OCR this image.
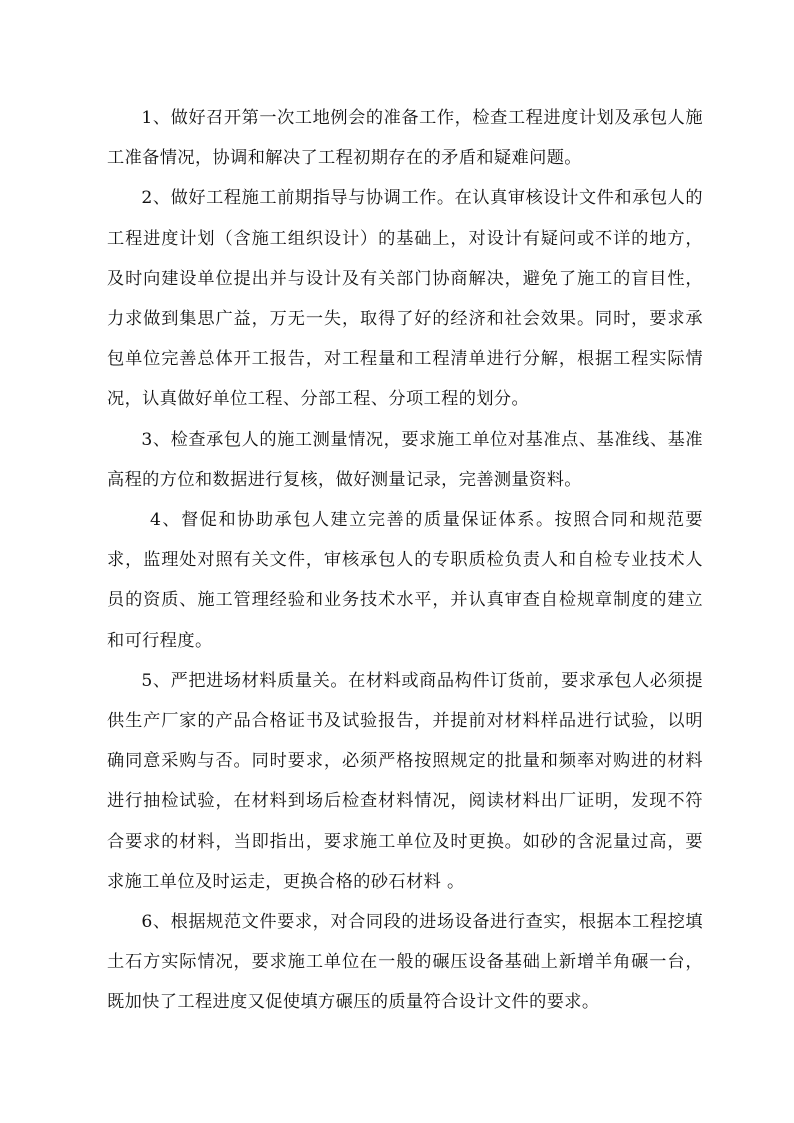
1、做好召开第一次工地例会的准备工作，检查工程进度计划及承包人施工准备情况，协调和解决了工程初期存在的矛盾和疑难问题。

2、做好工程施工前期指导与协调工作。在认真审核设计文件和承包人的工程进度计划（含施工组织设计）的基础上，对设计有疑问或不详的地方，及时向建设单位提出并与设计及有关部门协商解决，避免了施工的盲目性，力求做到集思广益，万无一失，取得了好的经济和社会效果。同时，要求承包单位完善总体开工报告，对工程量和工程清单进行分解，根据工程实际情况，认真做好单位工程、分部工程、分项工程的划分。

3、检查承包人的施工测量情况，要求施工单位对基准点、基准线、基准高程的方位和数据进行复核，做好测量记录，完善测量资料。

4、督促和协助承包人建立完善的质量保证体系。按照合同和规范要求，监理处对照有关文件，审核承包人的专职质检负责人和自检专业技术人员的资质、施工管理经验和业务技术水平，并认真审查自检规章制度的建立和可行程度。

5、严把进场材料质量关。在材料或商品构件订货前，要求承包人必须提供生产厂家的产品合格证书及试验报告，并提前对材料样品进行试验，以明确同意采购与否。同时要求，必须严格按照规定的批量和频率对购进的材料进行抽检试验，在材料到场后检查材料情况，阅读材料出厂证明，发现不符合要求的材料，当即指出，要求施工单位及时更换。如砂的含泥量过高，要求施工单位及时运走，更换合格的砂石材料 。

6、根据规范文件要求，对合同段的进场设备进行查实，根据本工程挖填土石方实际情况，要求施工单位在一般的碾压设备基础上新增羊角碾一台，既加快了工程进度又促使填方碾压的质量符合设计文件的要求。
